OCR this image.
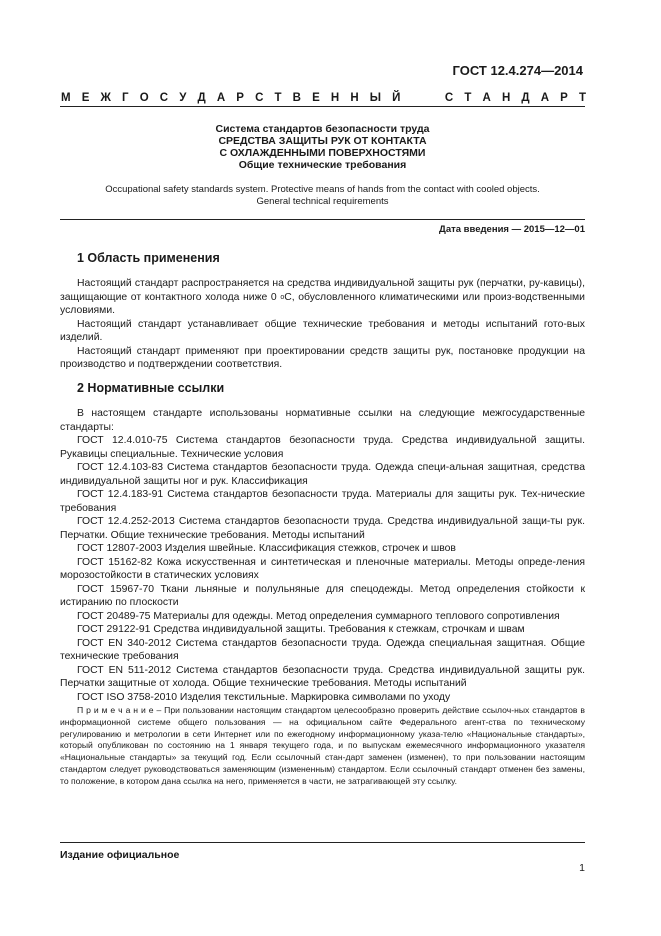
ГОСТ 12.4.274—2014
М Е Ж Г О С У Д А Р С Т В Е Н Н Ы Й	С Т А Н Д А Р Т
Система стандартов безопасности труда
СРЕДСТВА ЗАЩИТЫ РУК ОТ КОНТАКТА
С ОХЛАЖДЕННЫМИ ПОВЕРХНОСТЯМИ
Общие технические требования
Occupational safety standards system. Protective means of hands from the contact with cooled objects.
General technical requirements
Дата введения — 2015—12—01
1 Область применения

Настоящий стандарт распространяется на средства индивидуальной защиты рук (перчатки, ру-кавицы), защищающие от контактного холода ниже 0 $^о$С, обусловленного климатическими или произ-водственными условиями.

Настоящий стандарт устанавливает общие технические требования и методы испытаний гото-вых изделий.

Настоящий стандарт применяют при проектировании средств защиты рук, постановке продукции на производство и подтверждении соответствия.

2 Нормативные ссылки

В настоящем стандарте использованы нормативные ссылки на следующие межгосударственные стандарты:

ГОСТ 12.4.010-75 Система стандартов безопасности труда. Средства индивидуальной защиты. Рукавицы специальные. Технические условия

ГОСТ 12.4.103-83 Система стандартов безопасности труда. Одежда специ-альная защитная, средства индивидуальной защиты ног и рук. Классификация

ГОСТ 12.4.183-91 Система стандартов безопасности труда. Материалы для защиты рук. Тех-нические требования

ГОСТ 12.4.252-2013 Система стандартов безопасности труда. Средства индивидуальной защи-ты рук. Перчатки. Общие технические требования. Методы испытаний

ГОСТ 12807-2003 Изделия швейные. Классификация стежков, строчек и швов

ГОСТ 15162-82 Кожа искусственная и синтетическая и пленочные материалы. Методы опреде-ления морозостойкости в статических условиях

ГОСТ 15967-70 Ткани льняные и полульняные для спецодежды. Метод определения стойкости к истиранию по плоскости

ГОСТ 20489-75 Материалы для одежды. Метод определения суммарного теплового сопротивления

ГОСТ 29122-91 Средства индивидуальной защиты. Требования к стежкам, строчкам и швам

ГОСТ EN 340-2012 Система стандартов безопасности труда. Одежда специальная защитная. Общие технические требования

ГОСТ EN 511-2012 Система стандартов безопасности труда. Средства индивидуальной защиты рук. Перчатки защитные от холода. Общие технические требования. Методы испытаний

ГОСТ ISO 3758-2010 Изделия текстильные. Маркировка символами по уходу

П р и м е ч а н и е – При пользовании настоящим стандартом целесообразно проверить действие ссылоч-ных стандартов в информационной системе общего пользования — на официальном сайте Федерального агент-ства по техническому регулированию и метрологии в сети Интернет или по ежегодному информационному указа-телю «Национальные стандарты», который опубликован по состоянию на 1 января текущего года, и по выпускам ежемесячного информационного указателя «Национальные стандарты» за текущий год. Если ссылочный стан-дарт заменен (изменен), то при пользовании настоящим стандартом следует руководствоваться заменяющим (измененным) стандартом. Если ссылочный стандарт отменен без замены, то положение, в котором дана ссылка на него, применяется в части, не затрагивающей эту ссылку.
Издание официальное
1
